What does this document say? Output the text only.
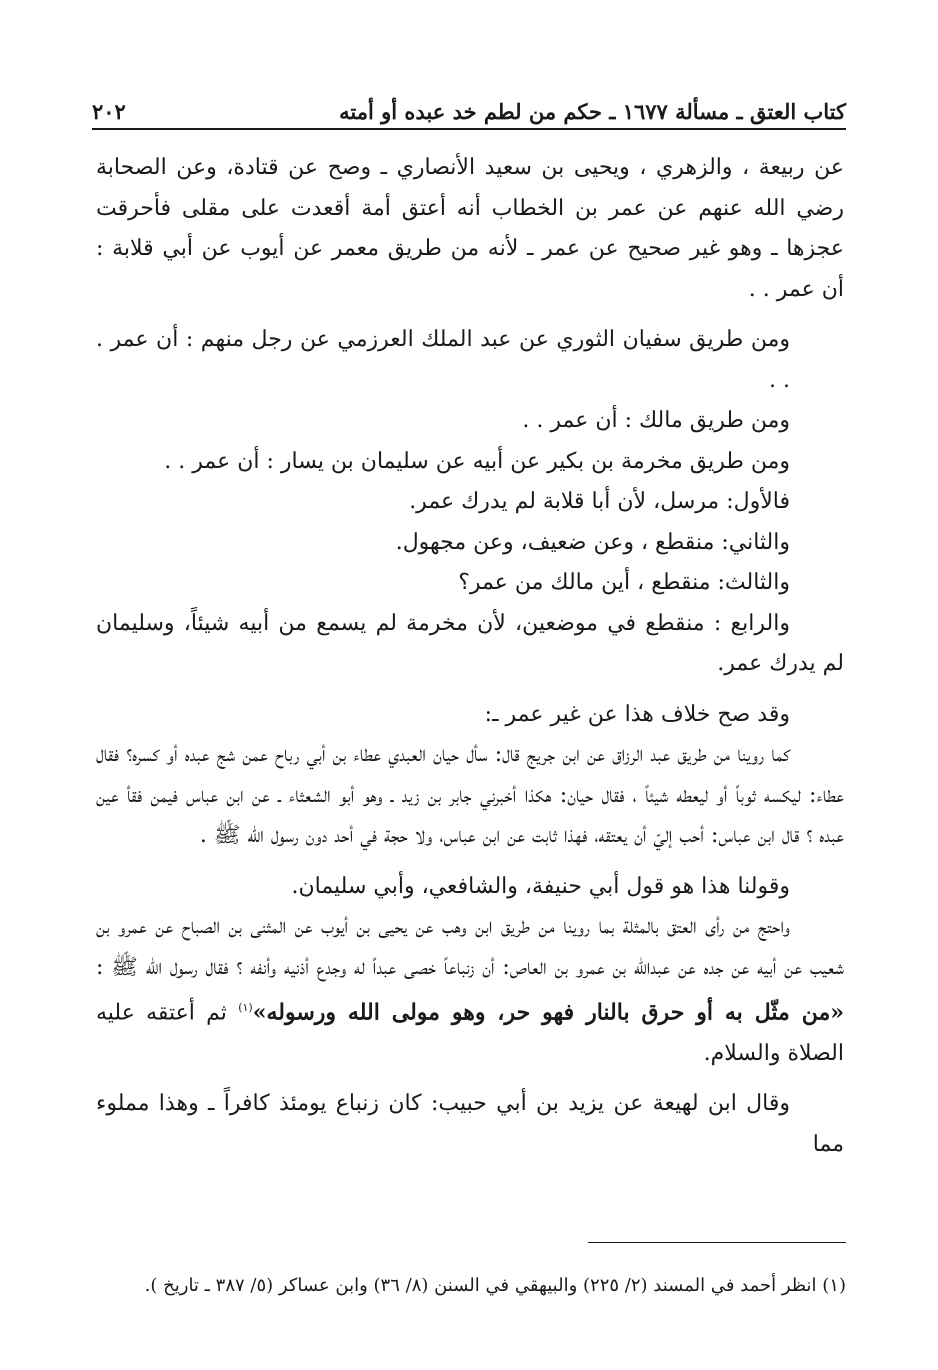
كتاب العتق ـ مسألة ١٦٧٧ ـ حكم من لطم خد عبده أو أمته
٢٠٢

عن ربيعة ، والزهري ، ويحيى بن سعيد الأنصاري ـ وصح عن قتادة، وعن الصحابة رضي الله عنهم عن عمر بن الخطاب أنه أعتق أمة أقعدت على مقلى فأحرقت عجزها ـ وهو غير صحيح عن عمر ـ لأنه من طريق معمر عن أيوب عن أبي قلابة : أن عمر . .

ومن طريق سفيان الثوري عن عبد الملك العرزمي عن رجل منهم : أن عمر . . .

ومن طريق مالك : أن عمر . .

ومن طريق مخرمة بن بكير عن أبيه عن سليمان بن يسار : أن عمر . .

فالأول: مرسل، لأن أبا قلابة لم يدرك عمر.

والثاني: منقطع ، وعن ضعيف، وعن مجهول.

والثالث: منقطع ، أين مالك من عمر؟

والرابع : منقطع في موضعين، لأن مخرمة لم يسمع من أبيه شيئاً، وسليمان لم يدرك عمر.

وقد صح خلاف هذا عن غير عمر ـ:

كما روينا من طريق عبد الرزاق عن ابن جريج قال: سأل حيان العبدي عطاء بن أبي رباح عمن شج عبده أو كسره؟ فقال عطاء: ليكسه ثوباً أو ليعطه شيئاً ، فقال حيان: هكذا أخبرني جابر بن زيد ـ وهو أبو الشعثاء ـ عن ابن عباس فيمن فقأ عين عبده ؟ قال ابن عباس: أحب إليّ أن يعتقه، فهذا ثابت عن ابن عباس، ولا حجة في أحد دون رسول الله ﷺ .

وقولنا هذا هو قول أبي حنيفة، والشافعي، وأبي سليمان.

واحتج من رأى العتق بالمثلة بما روينا من طريق ابن وهب عن يحيى بن أيوب عن المثنى بن الصباح عن عمرو بن شعيب عن أبيه عن جده عن عبدالله بن عمرو بن العاص: أن زنباعاً خصى عبداً له وجدع أذنيه وأنفه ؟ فقال رسول الله ﷺ : «من مثّل به أو حرق بالنار فهو حر، وهو مولى الله ورسوله»$^{(١)}$ ثم أعتقه عليه الصلاة والسلام.

وقال ابن لهيعة عن يزيد بن أبي حبيب: كان زنباع يومئذ كافراً ـ وهذا مملوء مما

(١) انظر أحمد في المسند (٢/ ٢٢٥) والبيهقي في السنن (٨/ ٣٦) وابن عساكر (٥/ ٣٨٧ ـ تاريخ ).
